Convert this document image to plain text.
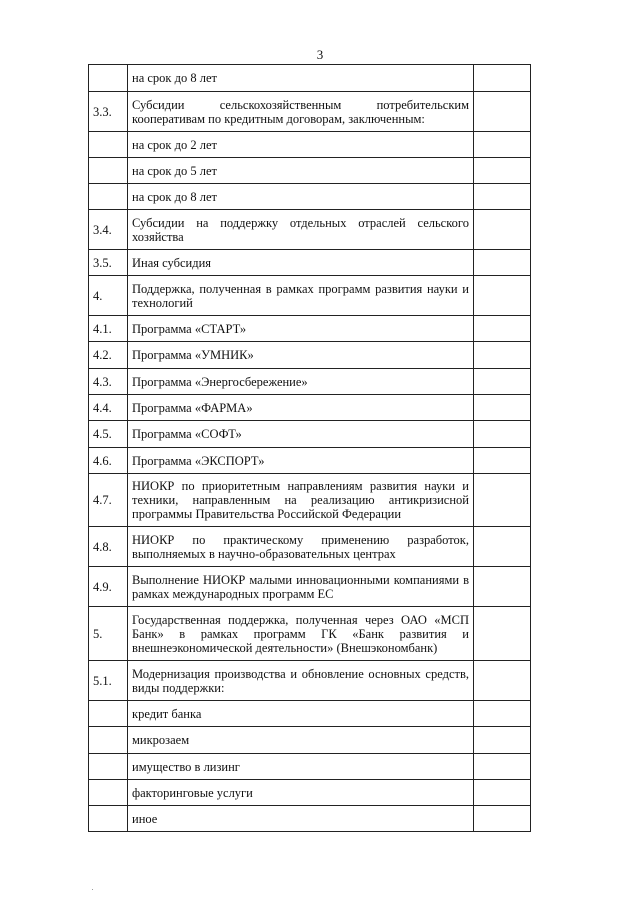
3

	на срок до 8 лет	

3.3.	Субсидии сельскохозяйственным потребительским кооперативам по кредитным договорам, заключенным:	

	на срок до 2 лет	

	на срок до 5 лет	

	на срок до 8 лет	

3.4.	Субсидии на поддержку отдельных отраслей сельского хозяйства	

3.5.	Иная субсидия	

4.	Поддержка, полученная в рамках программ развития науки и технологий	

4.1.	Программа «СТАРТ»	

4.2.	Программа «УМНИК»	

4.3.	Программа «Энергосбережение»	

4.4.	Программа «ФАРМА»	

4.5.	Программа «СОФТ»	

4.6.	Программа «ЭКСПОРТ»	

4.7.	НИОКР по приоритетным направлениям развития науки и техники, направленным на реализацию антикризисной программы Правительства Российской Федерации	

4.8.	НИОКР по практическому применению разработок, выполняемых в научно-образовательных центрах	

4.9.	Выполнение НИОКР малыми инновационными компаниями в рамках международных программ ЕС	

5.	Государственная поддержка, полученная через ОАО «МСП Банк» в рамках программ ГК «Банк развития и внешнеэкономической деятельности» (Внешэкономбанк)	

5.1.	Модернизация производства и обновление основных средств, виды поддержки:	

	кредит банка	

	микрозаем	

	имущество в лизинг	

	факторинговые услуги	

	иное	
